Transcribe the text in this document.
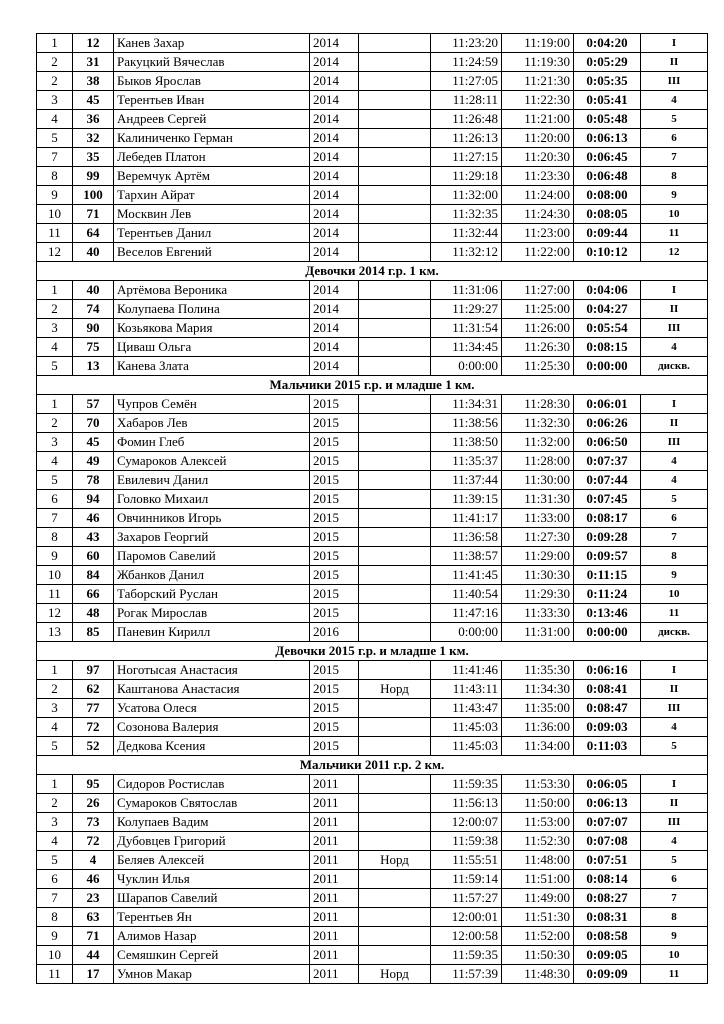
1	12	Канев Захар	2014		11:23:20	11:19:00	0:04:20	I
2	31	Ракуцкий Вячеслав	2014		11:24:59	11:19:30	0:05:29	II
2	38	Быков Ярослав	2014		11:27:05	11:21:30	0:05:35	III
3	45	Терентьев Иван	2014		11:28:11	11:22:30	0:05:41	4
4	36	Андреев Сергей	2014		11:26:48	11:21:00	0:05:48	5
5	32	Калиниченко Герман	2014		11:26:13	11:20:00	0:06:13	6
7	35	Лебедев Платон	2014		11:27:15	11:20:30	0:06:45	7
8	99	Веремчук Артём	2014		11:29:18	11:23:30	0:06:48	8
9	100	Тархин Айрат	2014		11:32:00	11:24:00	0:08:00	9
10	71	Москвин Лев	2014		11:32:35	11:24:30	0:08:05	10
11	64	Терентьев Данил	2014		11:32:44	11:23:00	0:09:44	11
12	40	Веселов Евгений	2014		11:32:12	11:22:00	0:10:12	12
Девочки 2014 г.р. 1 км.								
1	40	Артёмова Вероника	2014		11:31:06	11:27:00	0:04:06	I
2	74	Колупаева Полина	2014		11:29:27	11:25:00	0:04:27	II
3	90	Козьякова Мария	2014		11:31:54	11:26:00	0:05:54	III
4	75	Циваш Ольга	2014		11:34:45	11:26:30	0:08:15	4
5	13	Канева Злата	2014		0:00:00	11:25:30	0:00:00	дискв.
Мальчики 2015 г.р. и младше 1 км.								
1	57	Чупров Семён	2015		11:34:31	11:28:30	0:06:01	I
2	70	Хабаров Лев	2015		11:38:56	11:32:30	0:06:26	II
3	45	Фомин Глеб	2015		11:38:50	11:32:00	0:06:50	III
4	49	Сумароков Алексей	2015		11:35:37	11:28:00	0:07:37	4
5	78	Евилевич Данил	2015		11:37:44	11:30:00	0:07:44	4
6	94	Головко Михаил	2015		11:39:15	11:31:30	0:07:45	5
7	46	Овчинников Игорь	2015		11:41:17	11:33:00	0:08:17	6
8	43	Захаров Георгий	2015		11:36:58	11:27:30	0:09:28	7
9	60	Паромов Савелий	2015		11:38:57	11:29:00	0:09:57	8
10	84	Жбанков Данил	2015		11:41:45	11:30:30	0:11:15	9
11	66	Таборский Руслан	2015		11:40:54	11:29:30	0:11:24	10
12	48	Рогак Мирослав	2015		11:47:16	11:33:30	0:13:46	11
13	85	Паневин Кирилл	2016		0:00:00	11:31:00	0:00:00	дискв.
Девочки 2015 г.р. и младше 1 км.								
1	97	Ноготысая Анастасия	2015		11:41:46	11:35:30	0:06:16	I
2	62	Каштанова Анастасия	2015	Норд	11:43:11	11:34:30	0:08:41	II
3	77	Усатова Олеся	2015		11:43:47	11:35:00	0:08:47	III
4	72	Созонова Валерия	2015		11:45:03	11:36:00	0:09:03	4
5	52	Дедкова Ксения	2015		11:45:03	11:34:00	0:11:03	5
Мальчики 2011 г.р. 2 км.								
1	95	Сидоров Ростислав	2011		11:59:35	11:53:30	0:06:05	I
2	26	Сумароков Святослав	2011		11:56:13	11:50:00	0:06:13	II
3	73	Колупаев Вадим	2011		12:00:07	11:53:00	0:07:07	III
4	72	Дубовцев Григорий	2011		11:59:38	11:52:30	0:07:08	4
5	4	Беляев Алексей	2011	Норд	11:55:51	11:48:00	0:07:51	5
6	46	Чуклин Илья	2011		11:59:14	11:51:00	0:08:14	6
7	23	Шарапов Савелий	2011		11:57:27	11:49:00	0:08:27	7
8	63	Терентьев Ян	2011		12:00:01	11:51:30	0:08:31	8
9	71	Алимов Назар	2011		12:00:58	11:52:00	0:08:58	9
10	44	Семяшкин Сергей	2011		11:59:35	11:50:30	0:09:05	10
11	17	Умнов Макар	2011	Норд	11:57:39	11:48:30	0:09:09	11
